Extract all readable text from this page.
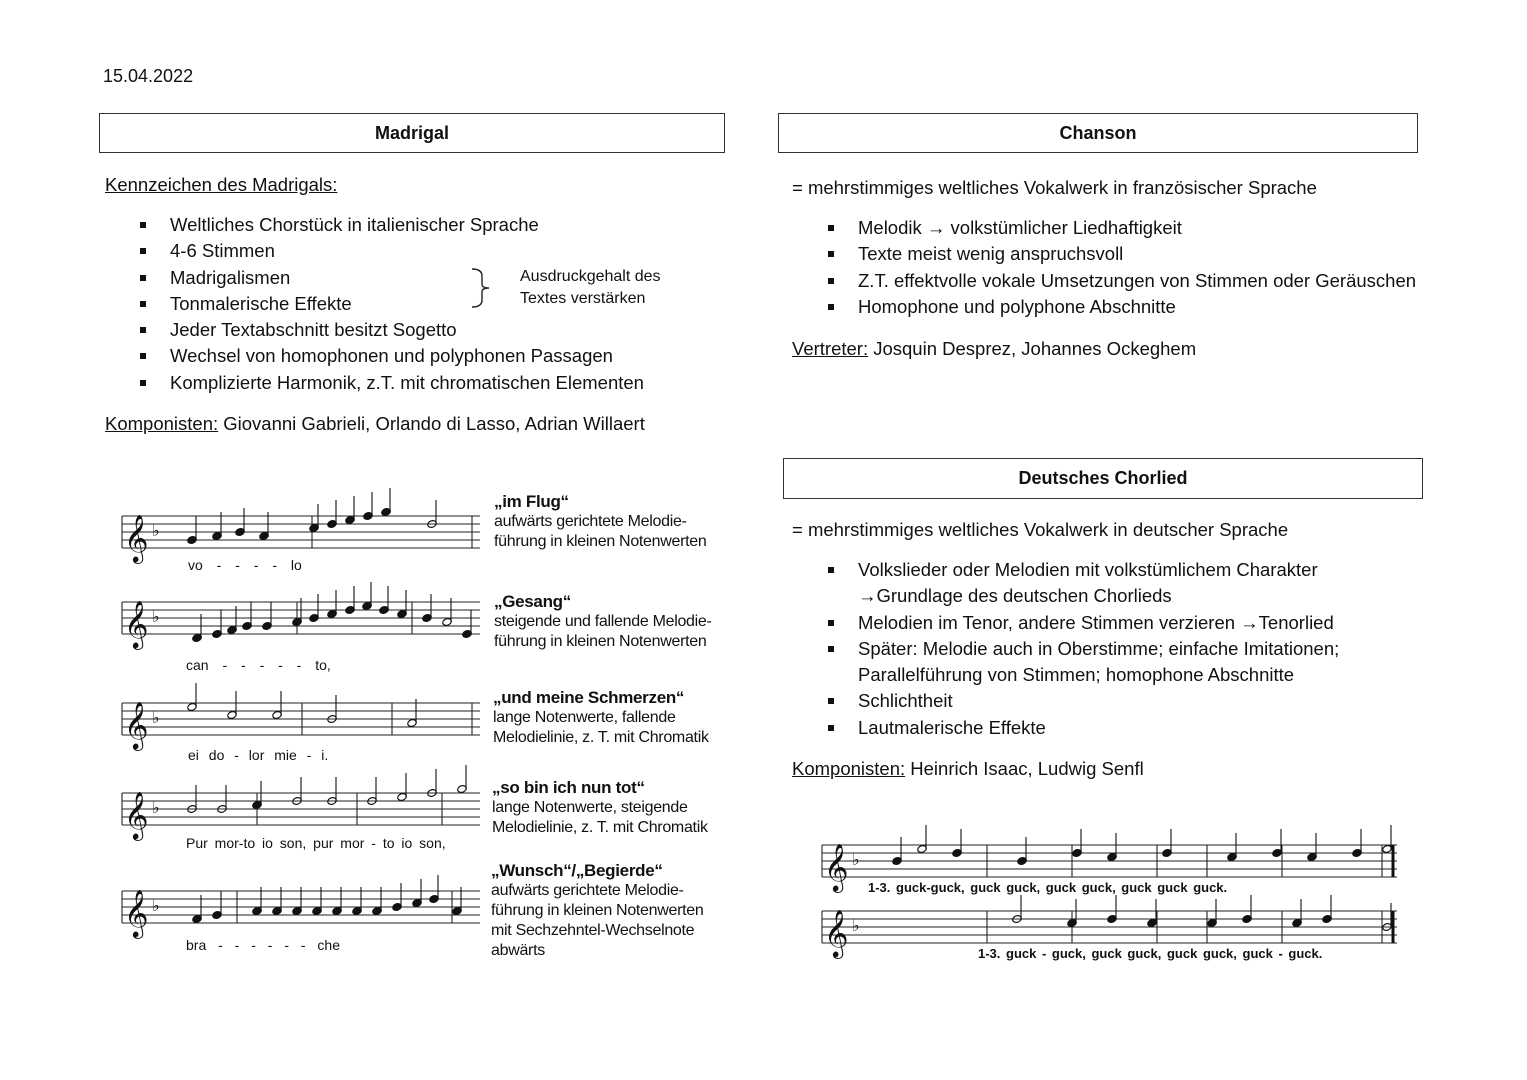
15.04.2022
Madrigal
Kennzeichen des Madrigals:
Weltliches Chorstück in italienischer Sprache
4-6 Stimmen
Madrigalismen
Tonmalerische Effekte
Jeder Textabschnitt besitzt Sogetto
Wechsel von homophonen und polyphonen Passagen
Komplizierte Harmonik, z.T. mit chromatischen Elementen
Ausdruckgehalt des
Textes verstärken
Komponisten: Giovanni Gabrieli, Orlando di Lasso, Adrian Willaert
𝄞 ♭
𝄞 ♭
𝄞 ♭
𝄞 ♭
𝄞 ♭
𝄞 ♭
𝄞 ♭
„im Flug“
aufwärts gerichtete Melodie-
führung in kleinen Notenwerten
vo - - - - lo
„Gesang“
steigende und fallende Melodie-
führung in kleinen Notenwerten
can - - - - - to,
„und meine Schmerzen“
lange Notenwerte, fallende
Melodielinie, z. T. mit Chromatik
ei do - lor mie - i.
„so bin ich nun tot“
lange Notenwerte, steigende
Melodielinie, z. T. mit Chromatik
Pur mor-to io son, pur mor - to io son,
„Wunsch“/„Begierde“
aufwärts gerichtete Melodie-
führung in kleinen Notenwerten
mit Sechzehntel-Wechselnote
abwärts
bra - - - - - - che
Chanson
= mehrstimmiges weltliches Vokalwerk in französischer Sprache
Melodik → volkstümlicher Liedhaftigkeit
Texte meist wenig anspruchsvoll
Z.T. effektvolle vokale Umsetzungen von Stimmen oder Geräuschen
Homophone und polyphone Abschnitte
Vertreter: Josquin Desprez, Johannes Ockeghem
Deutsches Chorlied
= mehrstimmiges weltliches Vokalwerk in deutscher Sprache
Volkslieder oder Melodien mit volkstümlichem Charakter
→Grundlage des deutschen Chorlieds
Melodien im Tenor, andere Stimmen verzieren →Tenorlied
Später: Melodie auch in Oberstimme; einfache Imitationen;
Parallelführung von Stimmen; homophone Abschnitte
Schlichtheit
Lautmalerische Effekte
Komponisten: Heinrich Isaac, Ludwig Senfl
1-3. guck-guck, guck guck, guck guck, guck guck guck.
1-3. guck - guck, guck guck, guck guck, guck - guck.
